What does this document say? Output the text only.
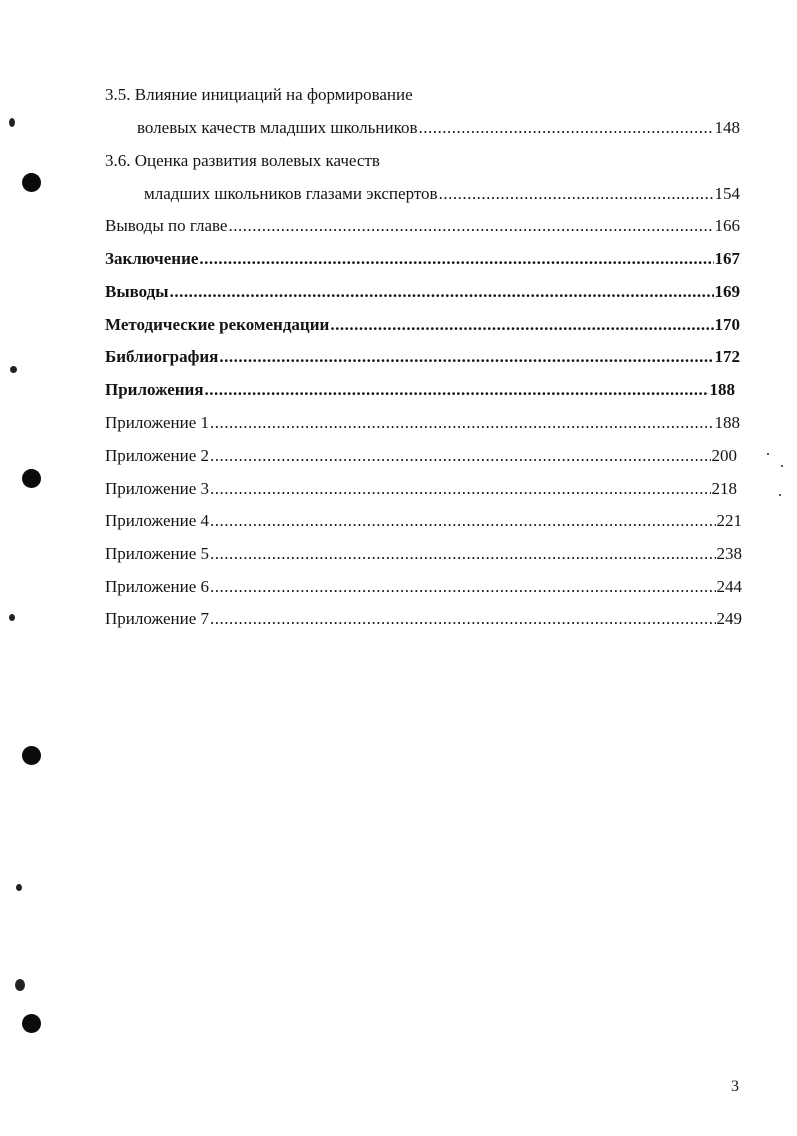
3.5. Влияние инициаций на формирование
волевых качеств младших школьников .....	148
3.6. Оценка развития волевых качеств
младших школьников глазами экспертов .....	154
Выводы по главе .....	166
Заключение .....	167
Выводы .....	169
Методические рекомендации .....	170
Библиография .....	172
Приложения .....	188
Приложение 1 .....	188
Приложение 2 .....	200
Приложение 3 .....	218
Приложение 4 .....	221
Приложение 5 .....	238
Приложение 6 .....	244
Приложение 7 .....	249
3
